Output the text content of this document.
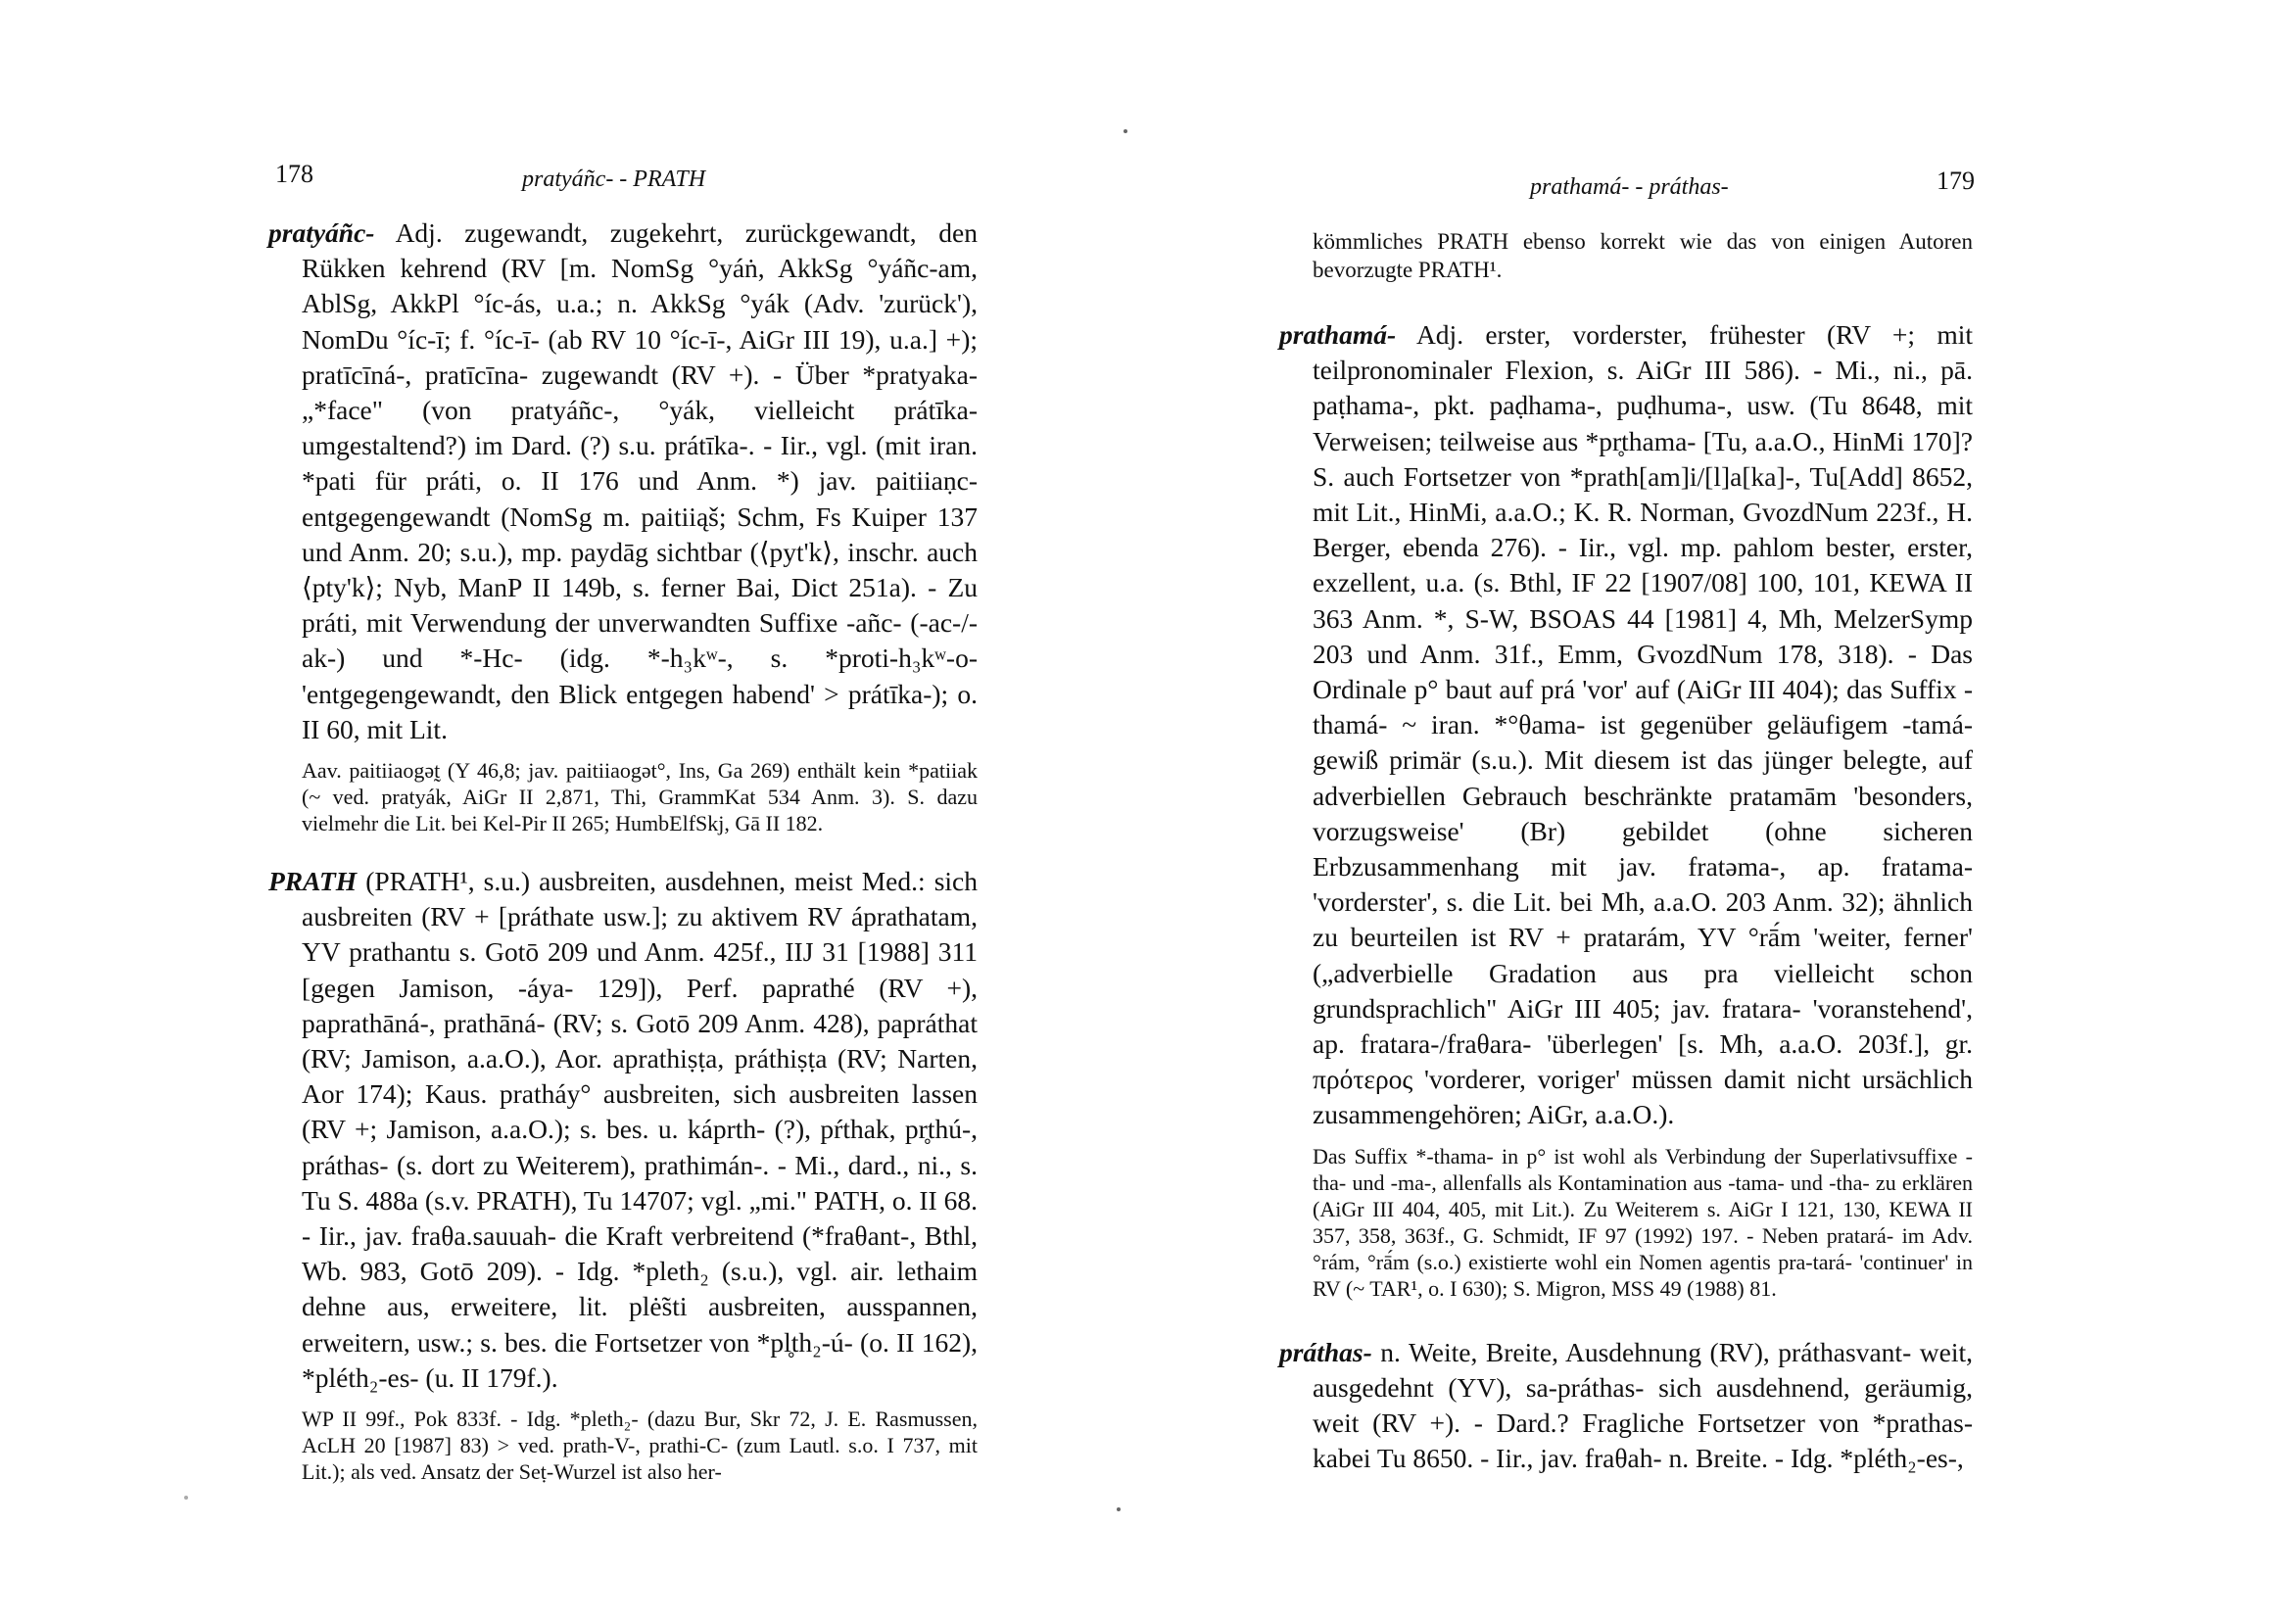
178	pratyáñc- - PRATH

pratyáñc- Adj. zugewandt, zugekehrt, zurückgewandt, den Rükken kehrend (RV [m. NomSg °yáṅ, AkkSg °yáñc-am, AblSg, AkkPl °íc-ás, u.a.; n. AkkSg °yák (Adv. 'zurück'), NomDu °íc-ī; f. °íc-ī- (ab RV 10 °íc-ī-, AiGr III 19), u.a.] +); pratīcīná-, pratīcīna- zugewandt (RV +). - Über *pratyaka- „*face" (von pratyáñc-, °yák, vielleicht prátīka- umgestaltend?) im Dard. (?) s.u. prátīka-. - Iir., vgl. (mit iran. *pati für práti, o. II 176 und Anm. *) jav. paitiiaṇc- entgegengewandt (NomSg m. paitiiąš; Schm, Fs Kuiper 137 und Anm. 20; s.u.), mp. paydāg sichtbar (⟨pyt'k⟩, inschr. auch ⟨pty'k⟩; Nyb, ManP II 149b, s. ferner Bai, Dict 251a). - Zu práti, mit Verwendung der unverwandten Suffixe -añc- (-ac-/-ak-) und *-Hc- (idg. *-h₃kʷ-, s. *proti-h₃kʷ-o- 'entgegengewandt, den Blick entgegen habend' > prátīka-); o. II 60, mit Lit.

Aav. paitiiaogət̰ (Y 46,8; jav. paitiiaogət°, Ins, Ga 269) enthält kein *patiiak (~ ved. pratyák, AiGr II 2,871, Thi, GrammKat 534 Anm. 3). S. dazu vielmehr die Lit. bei Kel-Pir II 265; HumbElfSkj, Gā II 182.

PRATH (PRATH¹, s.u.) ausbreiten, ausdehnen, meist Med.: sich ausbreiten (RV + [práthate usw.]; zu aktivem RV áprathatam, YV prathantu s. Gotō 209 und Anm. 425f., IIJ 31 [1988] 311 [gegen Jamison, -áya- 129]), Perf. paprathé (RV +), paprathāná-, prathāná- (RV; s. Gotō 209 Anm. 428), papráthat (RV; Jamison, a.a.O.), Aor. aprathiṣṭa, práthiṣṭa (RV; Narten, Aor 174); Kaus. pratháy° ausbreiten, sich ausbreiten lassen (RV +; Jamison, a.a.O.); s. bes. u. káprth- (?), pŕthak, pr̥thú-, práthas- (s. dort zu Weiterem), prathimán-. - Mi., dard., ni., s. Tu S. 488a (s.v. PRATH), Tu 14707; vgl. „mi." PATH, o. II 68. - Iir., jav. fraθa.sauuah- die Kraft verbreitend (*fraθant-, Bthl, Wb. 983, Gotō 209). - Idg. *pleth₂ (s.u.), vgl. air. lethaim dehne aus, erweitere, lit. plė̃sti ausbreiten, ausspannen, erweitern, usw.; s. bes. die Fortsetzer von *pl̥th₂-ú- (o. II 162), *pléth₂-es- (u. II 179f.).

WP II 99f., Pok 833f. - Idg. *pleth₂- (dazu Bur, Skr 72, J. E. Rasmussen, AcLH 20 [1987] 83) > ved. prath-V-, prathi-C- (zum Lautl. s.o. I 737, mit Lit.); als ved. Ansatz der Seṭ-Wurzel ist also her-

prathamá- - práthas-	179

kömmliches PRATH ebenso korrekt wie das von einigen Autoren bevorzugte PRATH¹.

prathamá- Adj. erster, vorderster, frühester (RV +; mit teilpronominaler Flexion, s. AiGr III 586). - Mi., ni., pā. paṭhama-, pkt. paḍhama-, puḍhuma-, usw. (Tu 8648, mit Verweisen; teilweise aus *pr̥thama- [Tu, a.a.O., HinMi 170]? S. auch Fortsetzer von *prath[am]i/[l]a[ka]-, Tu[Add] 8652, mit Lit., HinMi, a.a.O.; K. R. Norman, GvozdNum 223f., H. Berger, ebenda 276). - Iir., vgl. mp. pahlom bester, erster, exzellent, u.a. (s. Bthl, IF 22 [1907/08] 100, 101, KEWA II 363 Anm. *, S-W, BSOAS 44 [1981] 4, Mh, MelzerSymp 203 und Anm. 31f., Emm, GvozdNum 178, 318). - Das Ordinale p° baut auf prá 'vor' auf (AiGr III 404); das Suffix -thamá- ~ iran. *°θama- ist gegenüber geläufigem -tamá- gewiß primär (s.u.). Mit diesem ist das jünger belegte, auf adverbiellen Gebrauch beschränkte pratamām 'besonders, vorzugsweise' (Br) gebildet (ohne sicheren Erbzusammenhang mit jav. fratəma-, ap. fratama- 'vorderster', s. die Lit. bei Mh, a.a.O. 203 Anm. 32); ähnlich zu beurteilen ist RV + pratarám, YV °rā́m 'weiter, ferner' („adverbielle Gradation aus pra vielleicht schon grundsprachlich" AiGr III 405; jav. fratara- 'voranstehend', ap. fratara-/fraθara- 'überlegen' [s. Mh, a.a.O. 203f.], gr. πρότερος 'vorderer, voriger' müssen damit nicht ursächlich zusammengehören; AiGr, a.a.O.).

Das Suffix *-thama- in p° ist wohl als Verbindung der Superlativsuffixe -tha- und -ma-, allenfalls als Kontamination aus -tama- und -tha- zu erklären (AiGr III 404, 405, mit Lit.). Zu Weiterem s. AiGr I 121, 130, KEWA II 357, 358, 363f., G. Schmidt, IF 97 (1992) 197. - Neben pratará- im Adv. °rám, °rā́m (s.o.) existierte wohl ein Nomen agentis pra-tará- 'continuer' in RV (~ TAR¹, o. I 630); S. Migron, MSS 49 (1988) 81.

práthas- n. Weite, Breite, Ausdehnung (RV), práthasvant- weit, ausgedehnt (YV), sa-práthas- sich ausdehnend, geräumig, weit (RV +). - Dard.? Fragliche Fortsetzer von *prathas-kabei Tu 8650. - Iir., jav. fraθah- n. Breite. - Idg. *pléth₂-es-,
